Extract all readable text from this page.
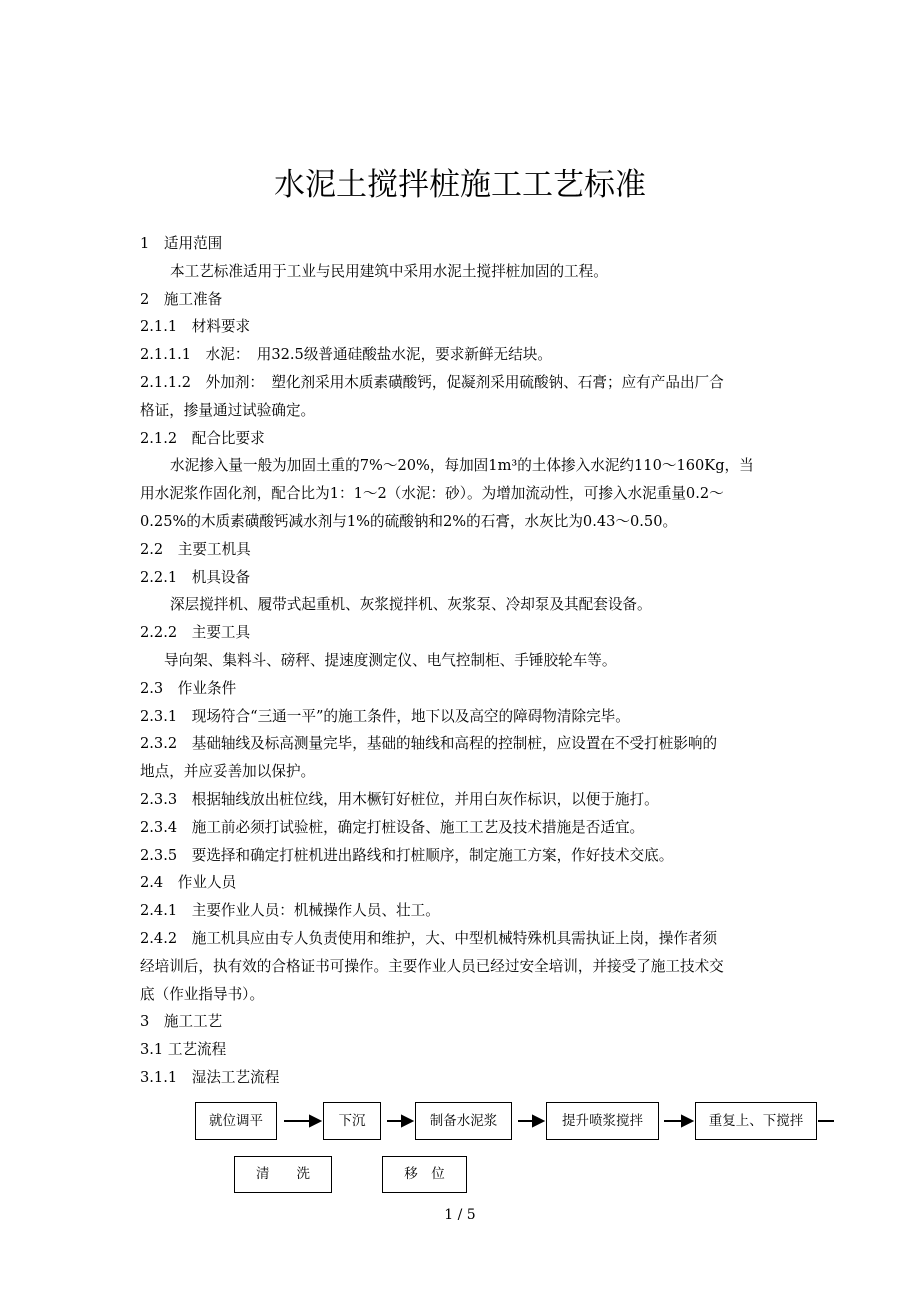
水泥土搅拌桩施工工艺标准
1　适用范围
本工艺标准适用于工业与民用建筑中采用水泥土搅拌桩加固的工程。
2　施工准备
2.1.1　材料要求
2.1.1.1　水泥：　用32.5级普通硅酸盐水泥，要求新鲜无结块。
2.1.1.2　外加剂：　塑化剂采用木质素磺酸钙，促凝剂采用硫酸钠、石膏；应有产品出厂合
格证，掺量通过试验确定。
2.1.2　配合比要求
水泥掺入量一般为加固土重的7%～20%，每加固1m³的土体掺入水泥约110～160Kg，当
用水泥浆作固化剂，配合比为1：1～2（水泥：砂）。为增加流动性，可掺入水泥重量0.2～
0.25%的木质素磺酸钙减水剂与1%的硫酸钠和2%的石膏，水灰比为0.43～0.50。
2.2　主要工机具
2.2.1　机具设备
深层搅拌机、履带式起重机、灰浆搅拌机、灰浆泵、冷却泵及其配套设备。
2.2.2　主要工具
导向架、集料斗、磅秤、提速度测定仪、电气控制柜、手锤胶轮车等。
2.3　作业条件
2.3.1　现场符合“三通一平”的施工条件，地下以及高空的障碍物清除完毕。
2.3.2　基础轴线及标高测量完毕，基础的轴线和高程的控制桩，应设置在不受打桩影响的
地点，并应妥善加以保护。
2.3.3　根据轴线放出桩位线，用木橛钉好桩位，并用白灰作标识，以便于施打。
2.3.4　施工前必须打试验桩，确定打桩设备、施工工艺及技术措施是否适宜。
2.3.5　要选择和确定打桩机进出路线和打桩顺序，制定施工方案，作好技术交底。
2.4　作业人员
2.4.1　主要作业人员：机械操作人员、壮工。
2.4.2　施工机具应由专人负责使用和维护，大、中型机械特殊机具需执证上岗，操作者须
经培训后，执有效的合格证书可操作。主要作业人员已经过安全培训，并接受了施工技术交
底（作业指导书）。
3　施工工艺
3.1 工艺流程
3.1.1　湿法工艺流程
就位调平	下沉	制备水泥浆	提升喷浆搅拌	重复上、下搅拌
清　　洗	移　位
1 / 5
